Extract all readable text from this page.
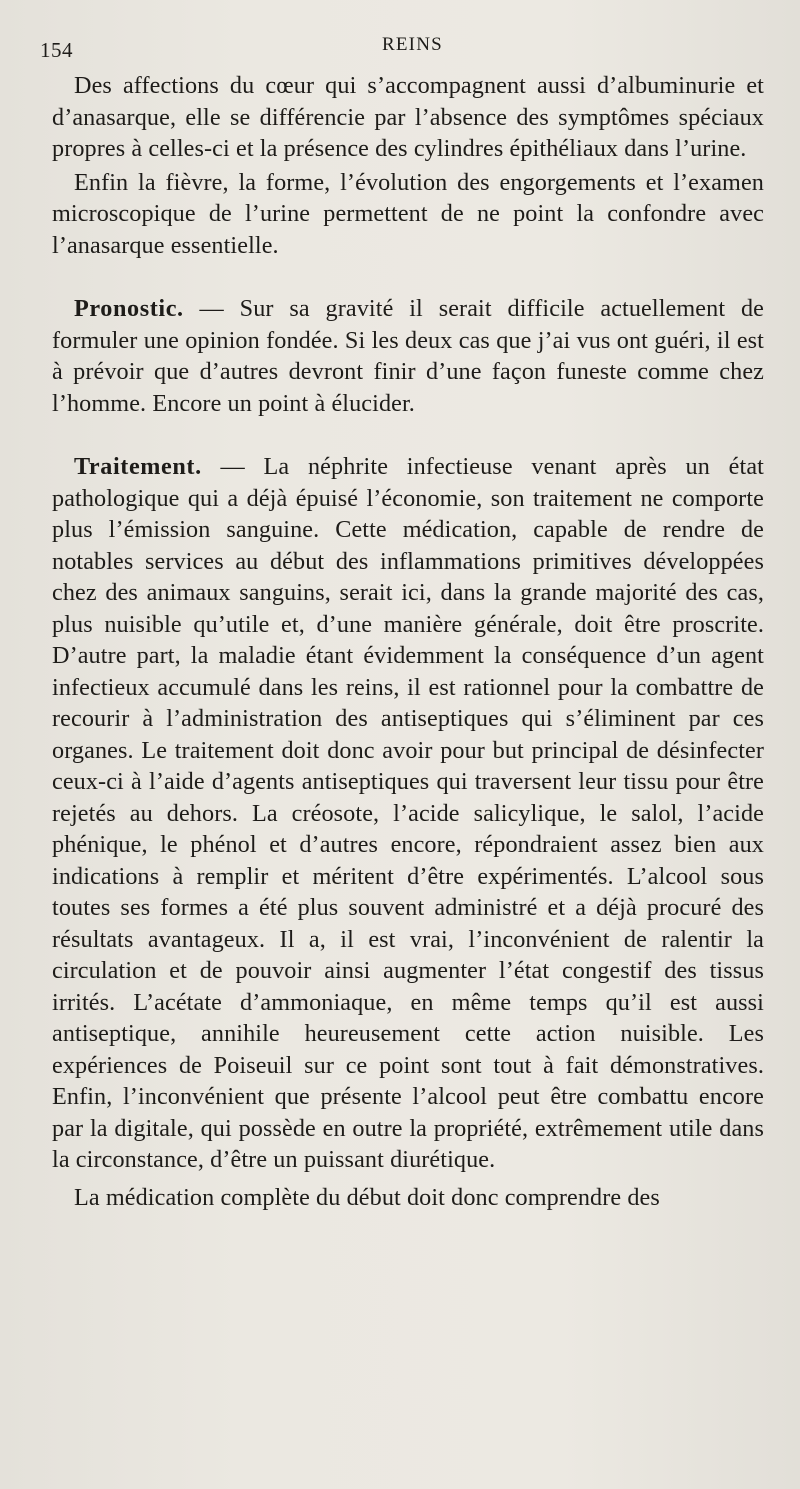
154	REINS

Des affections du cœur qui s’accompagnent aussi d’albuminurie et d’anasarque, elle se différencie par l’absence des symptômes spéciaux propres à celles-ci et la présence des cylindres épithéliaux dans l’urine.

Enfin la fièvre, la forme, l’évolution des engorgements et l’examen microscopique de l’urine permettent de ne point la confondre avec l’anasarque essentielle.

Pronostic. — Sur sa gravité il serait difficile actuellement de formuler une opinion fondée. Si les deux cas que j’ai vus ont guéri, il est à prévoir que d’autres devront finir d’une façon funeste comme chez l’homme. Encore un point à élucider.

Traitement. — La néphrite infectieuse venant après un état pathologique qui a déjà épuisé l’économie, son traitement ne comporte plus l’émission sanguine. Cette médication, capable de rendre de notables services au début des inflammations primitives développées chez des animaux sanguins, serait ici, dans la grande majorité des cas, plus nuisible qu’utile et, d’une manière générale, doit être proscrite. D’autre part, la maladie étant évidemment la conséquence d’un agent infectieux accumulé dans les reins, il est rationnel pour la combattre de recourir à l’administration des antiseptiques qui s’éliminent par ces organes. Le traitement doit donc avoir pour but principal de désinfecter ceux-ci à l’aide d’agents antiseptiques qui traversent leur tissu pour être rejetés au dehors. La créosote, l’acide salicylique, le salol, l’acide phénique, le phénol et d’autres encore, répondraient assez bien aux indications à remplir et méritent d’être expérimentés. L’alcool sous toutes ses formes a été plus souvent administré et a déjà procuré des résultats avantageux. Il a, il est vrai, l’inconvénient de ralentir la circulation et de pouvoir ainsi augmenter l’état congestif des tissus irrités. L’acétate d’ammoniaque, en même temps qu’il est aussi antiseptique, annihile heureusement cette action nuisible. Les expériences de Poiseuil sur ce point sont tout à fait démonstratives. Enfin, l’inconvénient que présente l’alcool peut être combattu encore par la digitale, qui possède en outre la propriété, extrêmement utile dans la circonstance, d’être un puissant diurétique.

La médication complète du début doit donc comprendre des
